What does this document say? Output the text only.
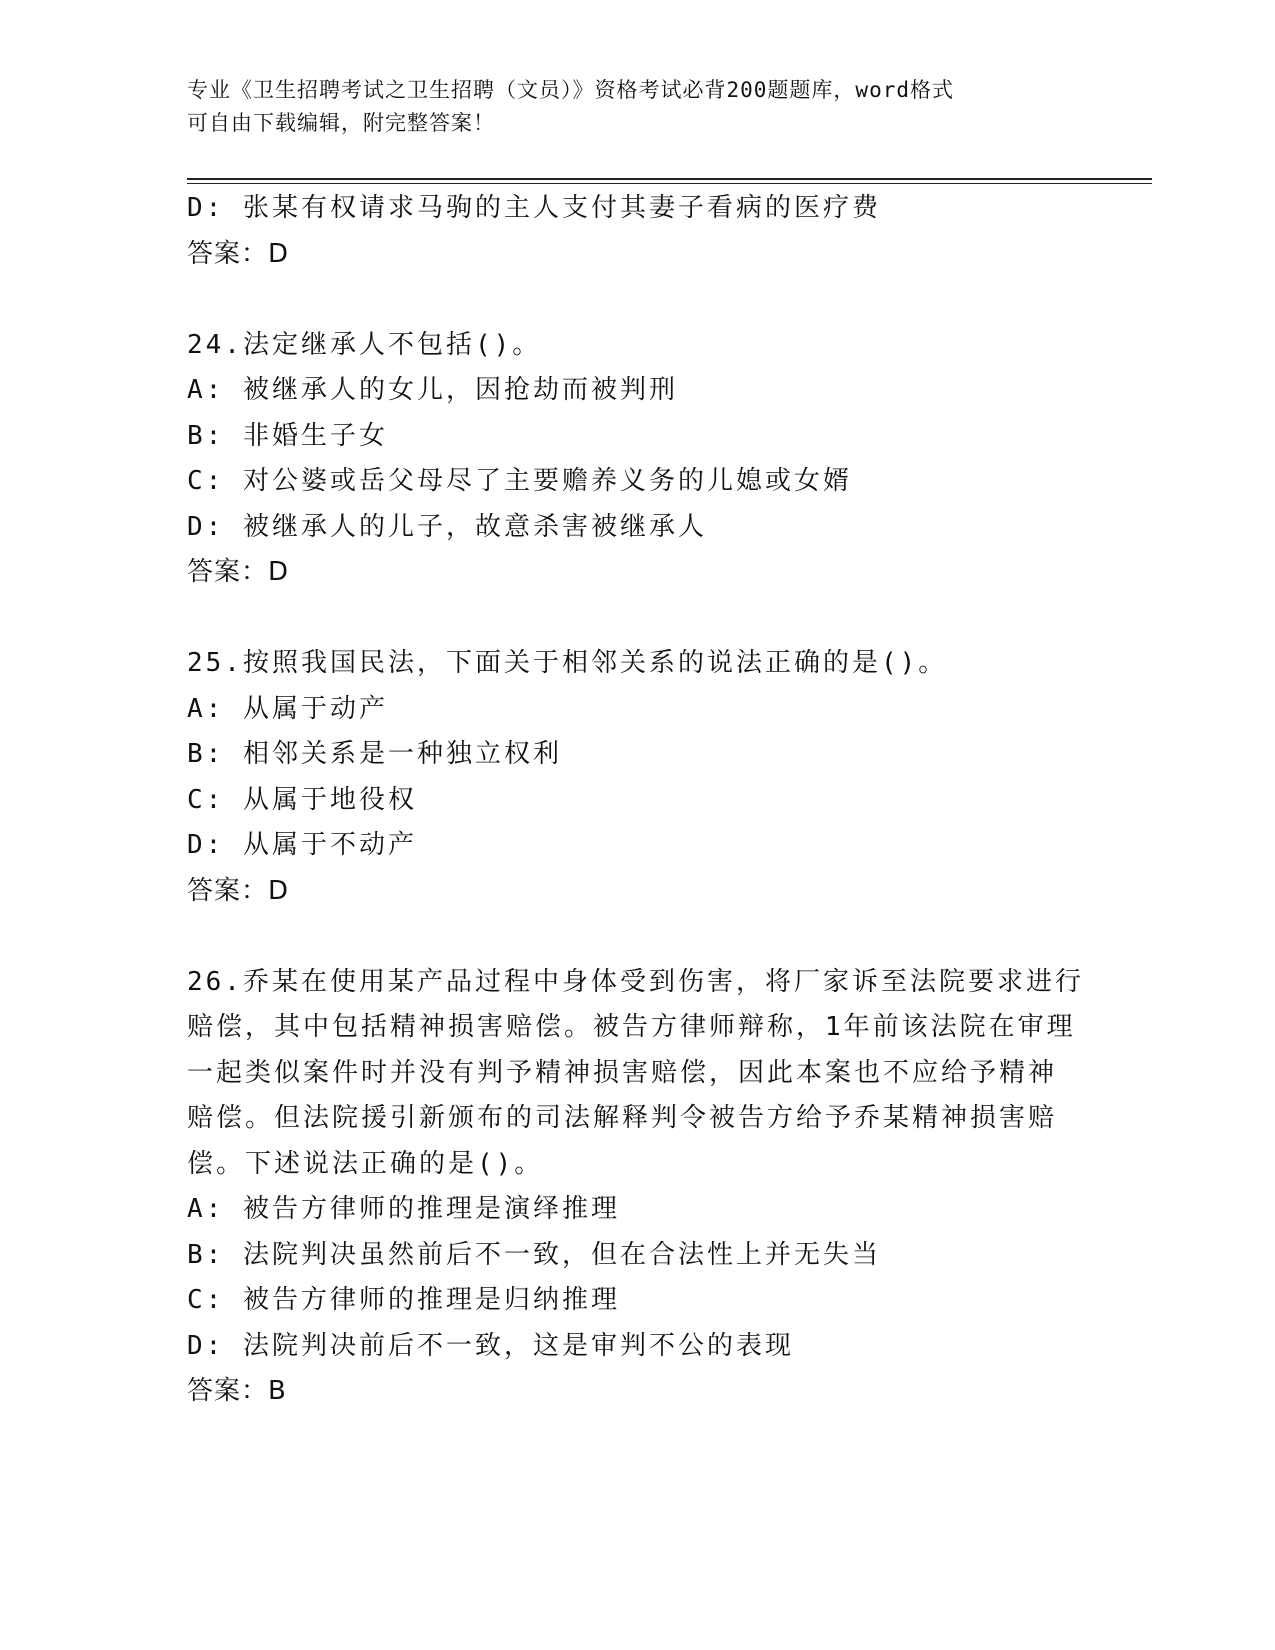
专业《卫生招聘考试之卫生招聘（文员）》资格考试必背200题题库，word格式
可自由下载编辑，附完整答案！
D: 张某有权请求马驹的主人支付其妻子看病的医疗费
答案：D
24.法定继承人不包括()。
A: 被继承人的女儿，因抢劫而被判刑
B: 非婚生子女
C: 对公婆或岳父母尽了主要赡养义务的儿媳或女婿
D: 被继承人的儿子，故意杀害被继承人
答案：D
25.按照我国民法，下面关于相邻关系的说法正确的是()。
A: 从属于动产
B: 相邻关系是一种独立权利
C: 从属于地役权
D: 从属于不动产
答案：D
26.乔某在使用某产品过程中身体受到伤害，将厂家诉至法院要求进行
赔偿，其中包括精神损害赔偿。被告方律师辩称，1年前该法院在审理
一起类似案件时并没有判予精神损害赔偿，因此本案也不应给予精神
赔偿。但法院援引新颁布的司法解释判令被告方给予乔某精神损害赔
偿。下述说法正确的是()。
A: 被告方律师的推理是演绎推理
B: 法院判决虽然前后不一致，但在合法性上并无失当
C: 被告方律师的推理是归纳推理
D: 法院判决前后不一致，这是审判不公的表现
答案：B
